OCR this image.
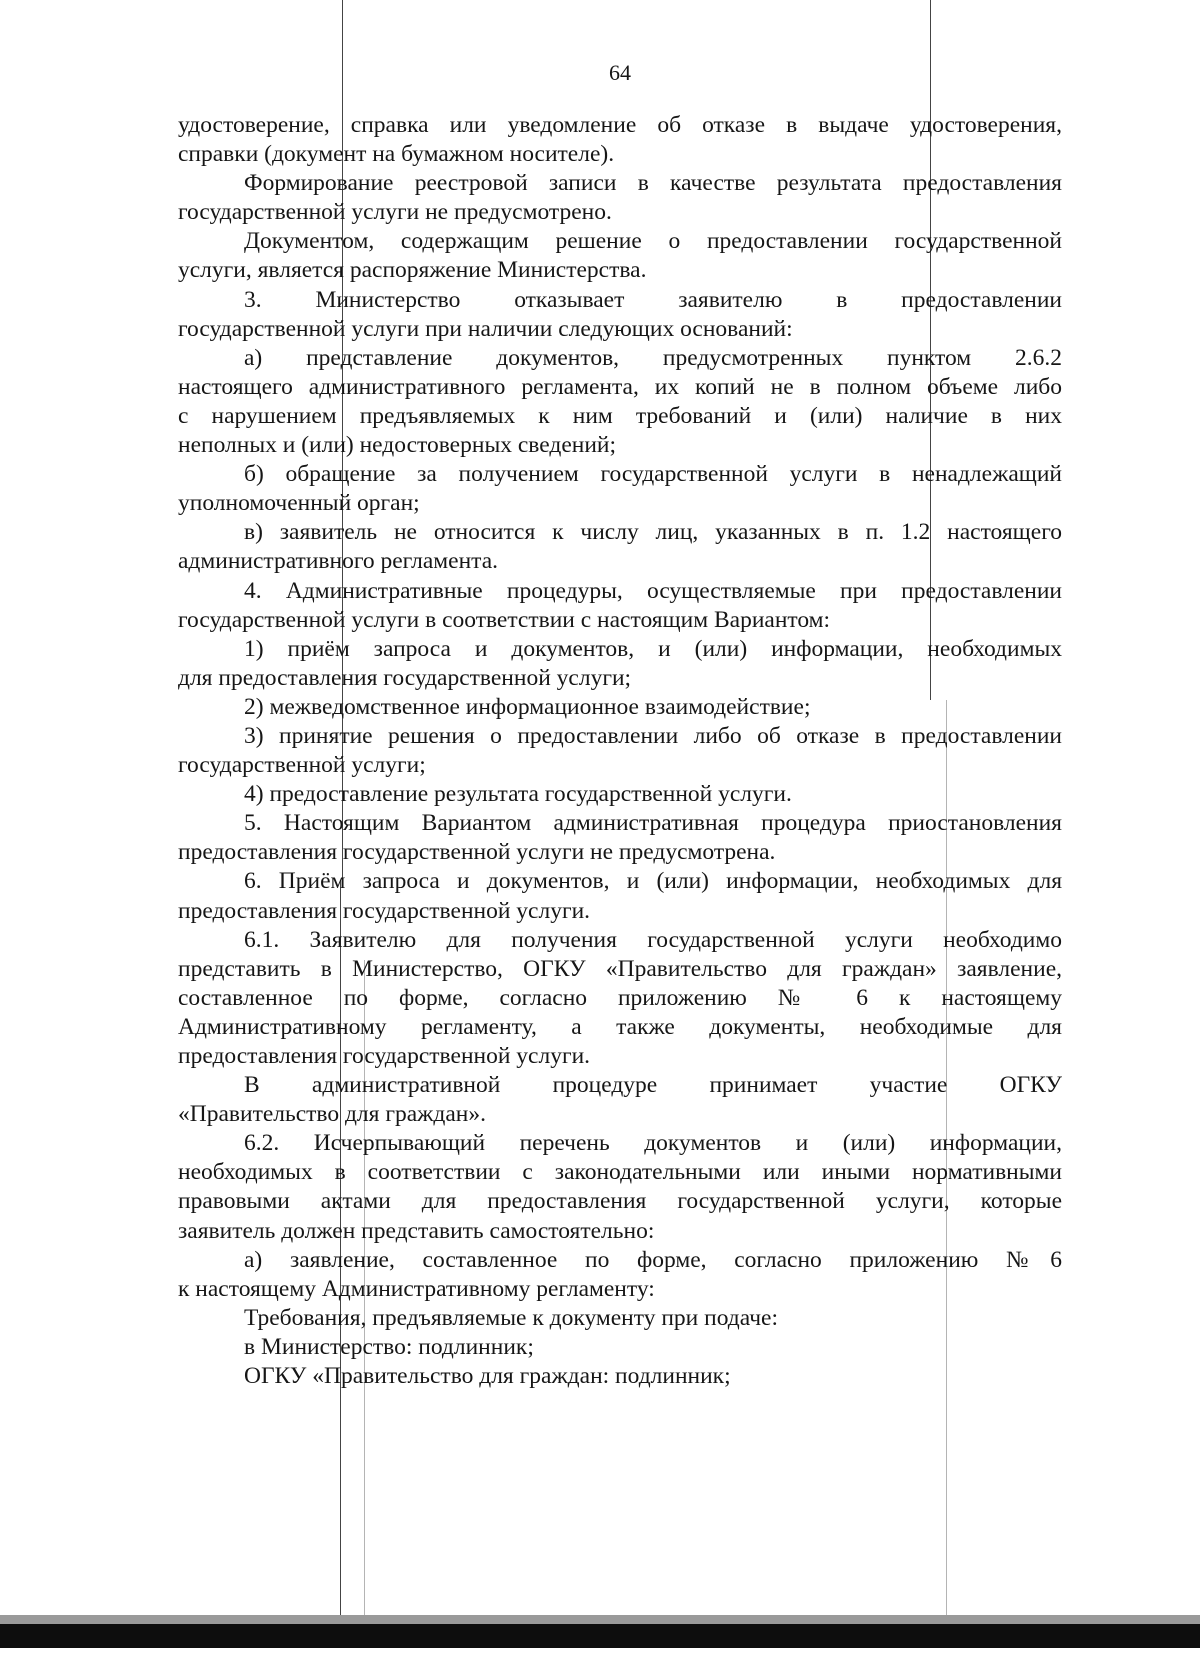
64
удостоверение, справка или уведомление об отказе в выдаче удостоверения,
справки (документ на бумажном носителе).
Формирование реестровой записи в качестве результата предоставления
государственной услуги не предусмотрено.
Документом, содержащим решение о предоставлении государственной
услуги, является распоряжение Министерства.
3. Министерство отказывает заявителю в предоставлении
государственной услуги при наличии следующих оснований:
а) представление документов, предусмотренных пунктом 2.6.2
настоящего административного регламента, их копий не в полном объеме либо
с нарушением предъявляемых к ним требований и (или) наличие в них
неполных и (или) недостоверных сведений;
б) обращение за получением государственной услуги в ненадлежащий
уполномоченный орган;
в) заявитель не относится к числу лиц, указанных в п. 1.2 настоящего
административного регламента.
4. Административные процедуры, осуществляемые при предоставлении
государственной услуги в соответствии с настоящим Вариантом:
1) приём запроса и документов, и (или) информации, необходимых
для предоставления государственной услуги;
2) межведомственное информационное взаимодействие;
3) принятие решения о предоставлении либо об отказе в предоставлении
государственной услуги;
4) предоставление результата государственной услуги.
5. Настоящим Вариантом административная процедура приостановления
предоставления государственной услуги не предусмотрена.
6. Приём запроса и документов, и (или) информации, необходимых для
предоставления государственной услуги.
6.1. Заявителю для получения государственной услуги необходимо
представить в Министерство, ОГКУ «Правительство для граждан» заявление,
составленное по форме, согласно приложению № 6 к настоящему
Административному регламенту, а также документы, необходимые для
предоставления государственной услуги.
В административной процедуре принимает участие ОГКУ
«Правительство для граждан».
6.2. Исчерпывающий перечень документов и (или) информации,
необходимых в соответствии с законодательными или иными нормативными
правовыми актами для предоставления государственной услуги, которые
заявитель должен представить самостоятельно:
а) заявление, составленное по форме, согласно приложению №6
к настоящему Административному регламенту:
Требования, предъявляемые к документу при подаче:
в Министерство: подлинник;
ОГКУ «Правительство для граждан: подлинник;
